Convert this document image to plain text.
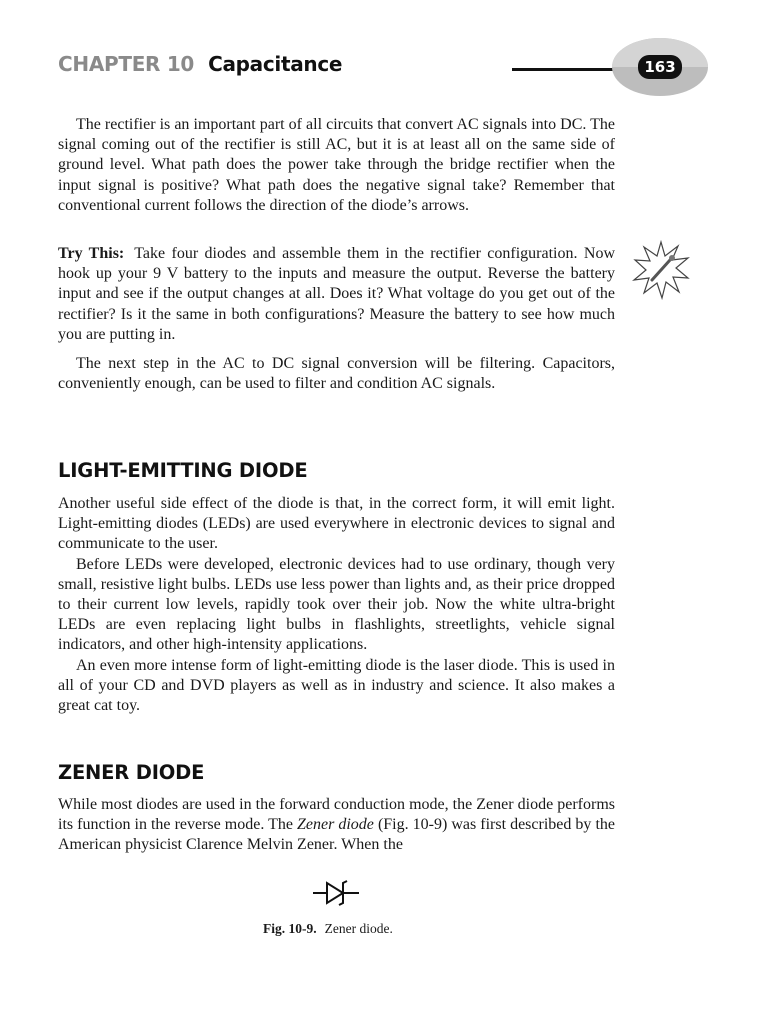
CHAPTER 10 Capacitance	163

The rectifier is an important part of all circuits that convert AC signals into DC. The signal coming out of the rectifier is still AC, but it is at least all on the same side of ground level. What path does the power take through the bridge rectifier when the input signal is positive? What path does the negative signal take? Remember that conventional current follows the direction of the diode’s arrows.

Try This: Take four diodes and assemble them in the rectifier configuration. Now hook up your 9 V battery to the inputs and measure the output. Reverse the battery input and see if the output changes at all. Does it? What voltage do you get out of the rectifier? Is it the same in both configurations? Measure the battery to see how much you are putting in.

The next step in the AC to DC signal conversion will be filtering. Capacitors, conveniently enough, can be used to filter and condition AC signals.

LIGHT-EMITTING DIODE

Another useful side effect of the diode is that, in the correct form, it will emit light. Light-emitting diodes (LEDs) are used everywhere in electronic devices to signal and communicate to the user.

Before LEDs were developed, electronic devices had to use ordinary, though very small, resistive light bulbs. LEDs use less power than lights and, as their price dropped to their current low levels, rapidly took over their job. Now the white ultra-bright LEDs are even replacing light bulbs in flashlights, streetlights, vehicle signal indicators, and other high-intensity applications.

An even more intense form of light-emitting diode is the laser diode. This is used in all of your CD and DVD players as well as in industry and science. It also makes a great cat toy.

ZENER DIODE

While most diodes are used in the forward conduction mode, the Zener diode performs its function in the reverse mode. The Zener diode (Fig. 10-9) was first described by the American physicist Clarence Melvin Zener. When the

Fig. 10-9. Zener diode.
